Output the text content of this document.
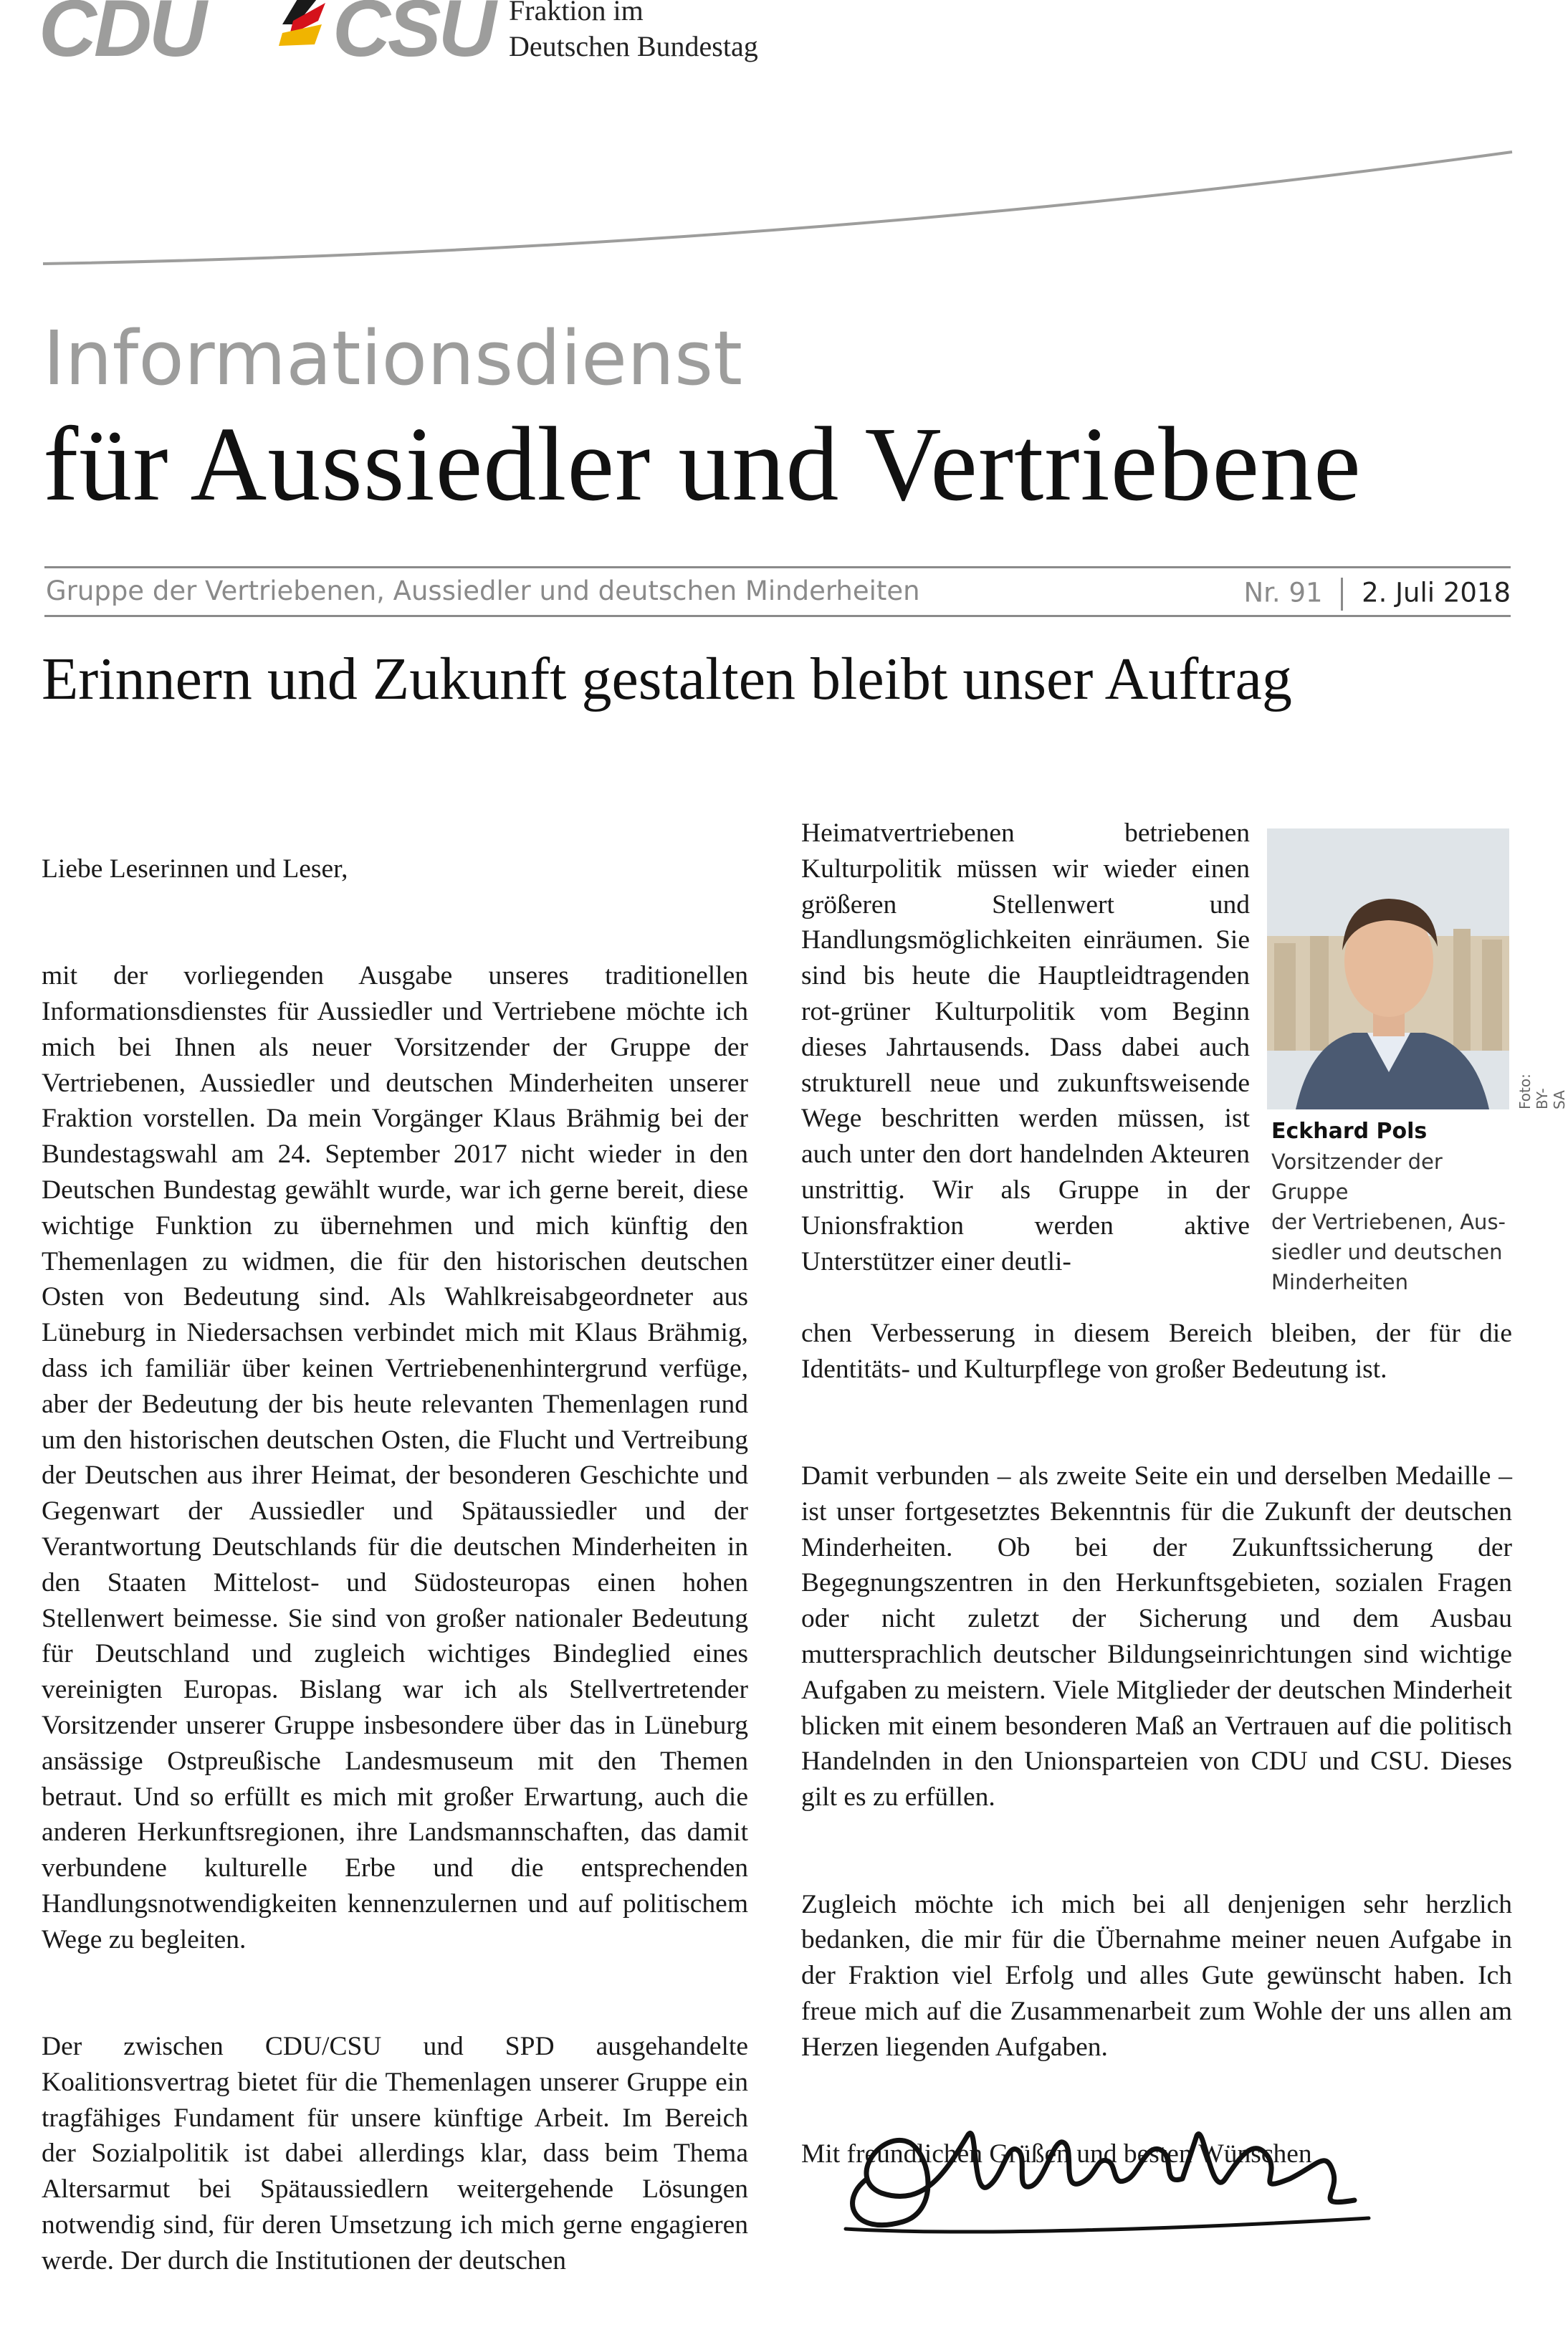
CDU CSU Fraktion im
Deutschen Bundestag
Informationsdienst
für Aussiedler und Vertriebene
Gruppe der Vertriebenen, Aussiedler und deutschen Minderheiten	Nr. 91 2. Juli 2018
Erinnern und Zukunft gestalten bleibt unser Auftrag

Liebe Leserinnen und Leser,

mit der vorliegenden Ausgabe unseres traditionellen Informationsdienstes für Aussiedler und Vertriebene möchte ich mich bei Ihnen als neuer Vorsitzender der Gruppe der Vertriebenen, Aussiedler und deutschen Minderheiten unserer Fraktion vorstellen. Da mein Vorgänger Klaus Brähmig bei der Bundestagswahl am 24. September 2017 nicht wieder in den Deutschen Bundestag gewählt wurde, war ich gerne bereit, diese wichtige Funktion zu übernehmen und mich künftig den Themenlagen zu widmen, die für den historischen deutschen Osten von Bedeutung sind. Als Wahlkreisabgeordneter aus Lüneburg in Niedersachsen verbindet mich mit Klaus Brähmig, dass ich familiär über keinen Vertriebenenhintergrund verfüge, aber der Bedeutung der bis heute relevanten Themenlagen rund um den historischen deutschen Osten, die Flucht und Vertreibung der Deutschen aus ihrer Heimat, der besonderen Geschichte und Gegenwart der Aussiedler und Spätaussiedler und der Verantwortung Deutschlands für die deutschen Minderheiten in den Staaten Mittelost- und Südosteuropas einen hohen Stellenwert beimesse. Sie sind von großer nationaler Bedeutung für Deutschland und zugleich wichtiges Bindeglied eines vereinigten Europas. Bislang war ich als Stellvertretender Vorsitzender unserer Gruppe insbesondere über das in Lüneburg ansässige Ostpreußische Landesmuseum mit den Themen betraut. Und so erfüllt es mich mit großer Erwartung, auch die anderen Herkunftsregionen, ihre Landsmannschaften, das damit verbundene kulturelle Erbe und die entsprechenden Handlungsnotwendigkeiten kennenzulernen und auf politischem Wege zu begleiten.

Der zwischen CDU/CSU und SPD ausgehandelte Koalitionsvertrag bietet für die Themenlagen unserer Gruppe ein tragfähiges Fundament für unsere künftige Arbeit. Im Bereich der Sozialpolitik ist dabei allerdings klar, dass beim Thema Altersarmut bei Spätaussiedlern weitergehende Lösungen notwendig sind, für deren Umsetzung ich mich gerne engagieren werde. Der durch die Institutionen der deutschen

Heimatvertriebenen betriebenen Kulturpolitik müssen wir wieder einen größeren Stellenwert und Handlungsmöglichkeiten einräumen. Sie sind bis heute die Hauptleidtragenden rot-grüner Kulturpolitik vom Beginn dieses Jahrtausends. Dass dabei auch strukturell neue und zukunftsweisende Wege beschritten werden müssen, ist auch unter den dort handelnden Akteuren unstrittig. Wir als Gruppe in der Unionsfraktion werden aktive Unterstützer einer deutli-
Foto: BY-SA
Eckhard Pols
Vorsitzender der Gruppe
der Vertriebenen, Aus-
siedler und deutschen
Minderheiten

chen Verbesserung in diesem Bereich bleiben, der für die Identitäts- und Kulturpflege von großer Bedeutung ist.

Damit verbunden – als zweite Seite ein und derselben Medaille – ist unser fortgesetztes Bekenntnis für die Zukunft der deutschen Minderheiten. Ob bei der Zukunftssicherung der Begegnungszentren in den Herkunftsgebieten, sozialen Fragen oder nicht zuletzt der Sicherung und dem Ausbau muttersprachlich deutscher Bildungseinrichtungen sind wichtige Aufgaben zu meistern. Viele Mitglieder der deutschen Minderheit blicken mit einem besonderen Maß an Vertrauen auf die politisch Handelnden in den Unionsparteien von CDU und CSU. Dieses gilt es zu erfüllen.

Zugleich möchte ich mich bei all denjenigen sehr herzlich bedanken, die mir für die Übernahme meiner neuen Aufgabe in der Fraktion viel Erfolg und alles Gute gewünscht haben. Ich freue mich auf die Zusammenarbeit zum Wohle der uns allen am Herzen liegenden Aufgaben.

Mit freundlichen Grüßen und besten Wünschen
